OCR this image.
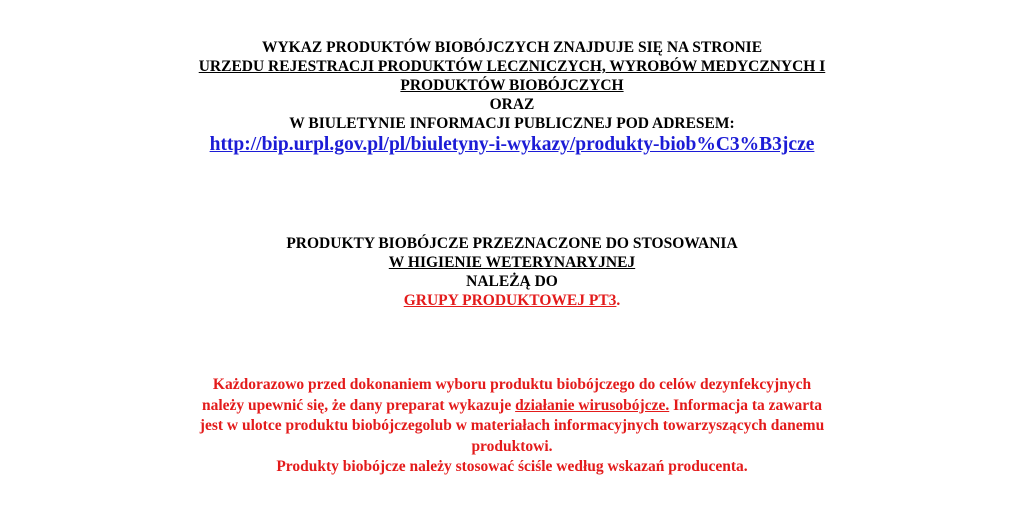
WYKAZ PRODUKTÓW BIOBÓJCZYCH ZNAJDUJE SIĘ NA STRONIE
URZEDU REJESTRACJI PRODUKTÓW LECZNICZYCH, WYROBÓW MEDYCZNYCH I
PRODUKTÓW BIOBÓJCZYCH
ORAZ
W BIULETYNIE INFORMACJI PUBLICZNEJ POD ADRESEM:
http://bip.urpl.gov.pl/pl/biuletyny-i-wykazy/produkty-biob%C3%B3jcze
PRODUKTY BIOBÓJCZE PRZEZNACZONE DO STOSOWANIA
W HIGIENIE WETERYNARYJNEJ
NALEŻĄ DO
GRUPY PRODUKTOWEJ PT3.
Każdorazowo przed dokonaniem wyboru produktu biobójczego do celów dezynfekcyjnych
należy upewnić się, że dany preparat wykazuje działanie wirusobójcze. Informacja ta zawarta
jest w ulotce produktu biobójczegolub w materiałach informacyjnych towarzyszących danemu
produktowi.
Produkty biobójcze należy stosować ściśle według wskazań producenta.
